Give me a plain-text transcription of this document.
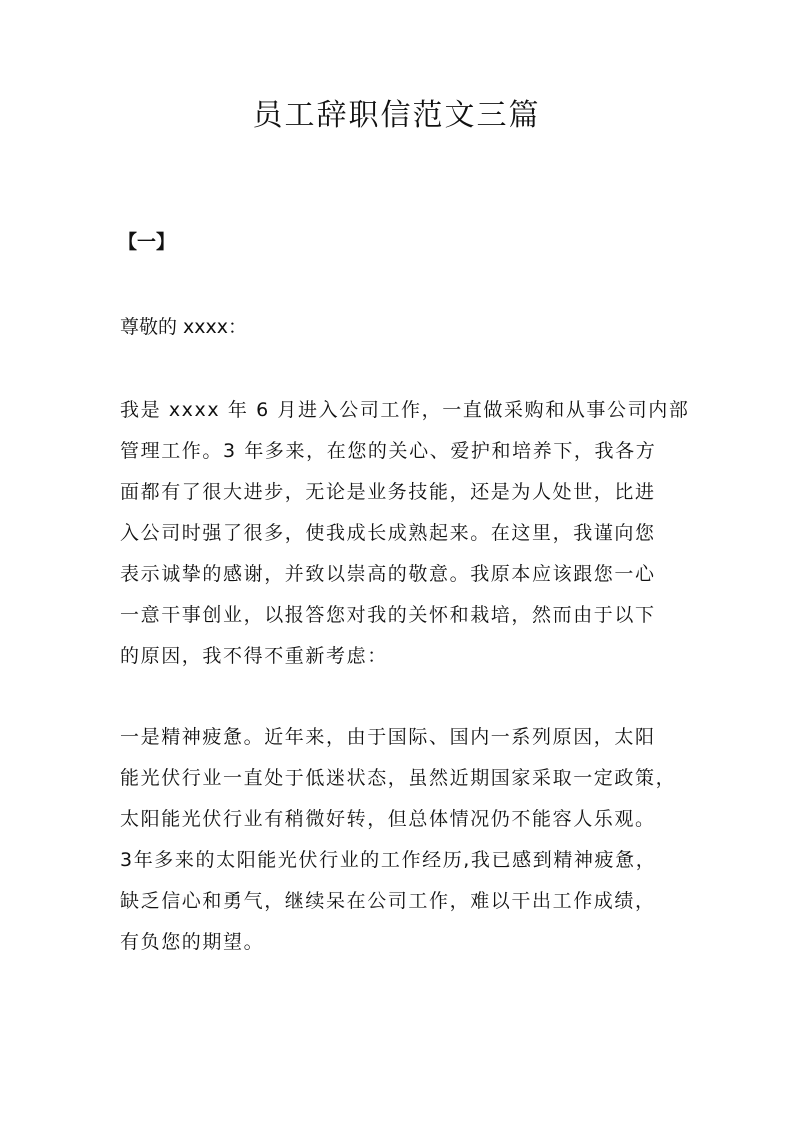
员工辞职信范文三篇
【一】
尊敬的 xxxx：
我是 xxxx 年 6 月进入公司工作，一直做采购和从事公司内部
管理工作。3 年多来，在您的关心、爱护和培养下，我各方
面都有了很大进步，无论是业务技能，还是为人处世，比进
入公司时强了很多，使我成长成熟起来。在这里，我谨向您
表示诚挚的感谢，并致以崇高的敬意。我原本应该跟您一心
一意干事创业，以报答您对我的关怀和栽培，然而由于以下
的原因，我不得不重新考虑：
一是精神疲惫。近年来，由于国际、国内一系列原因，太阳
能光伏行业一直处于低迷状态，虽然近期国家采取一定政策，
太阳能光伏行业有稍微好转，但总体情况仍不能容人乐观。
3年多来的太阳能光伏行业的工作经历,我已感到精神疲惫，
缺乏信心和勇气，继续呆在公司工作，难以干出工作成绩，
有负您的期望。
